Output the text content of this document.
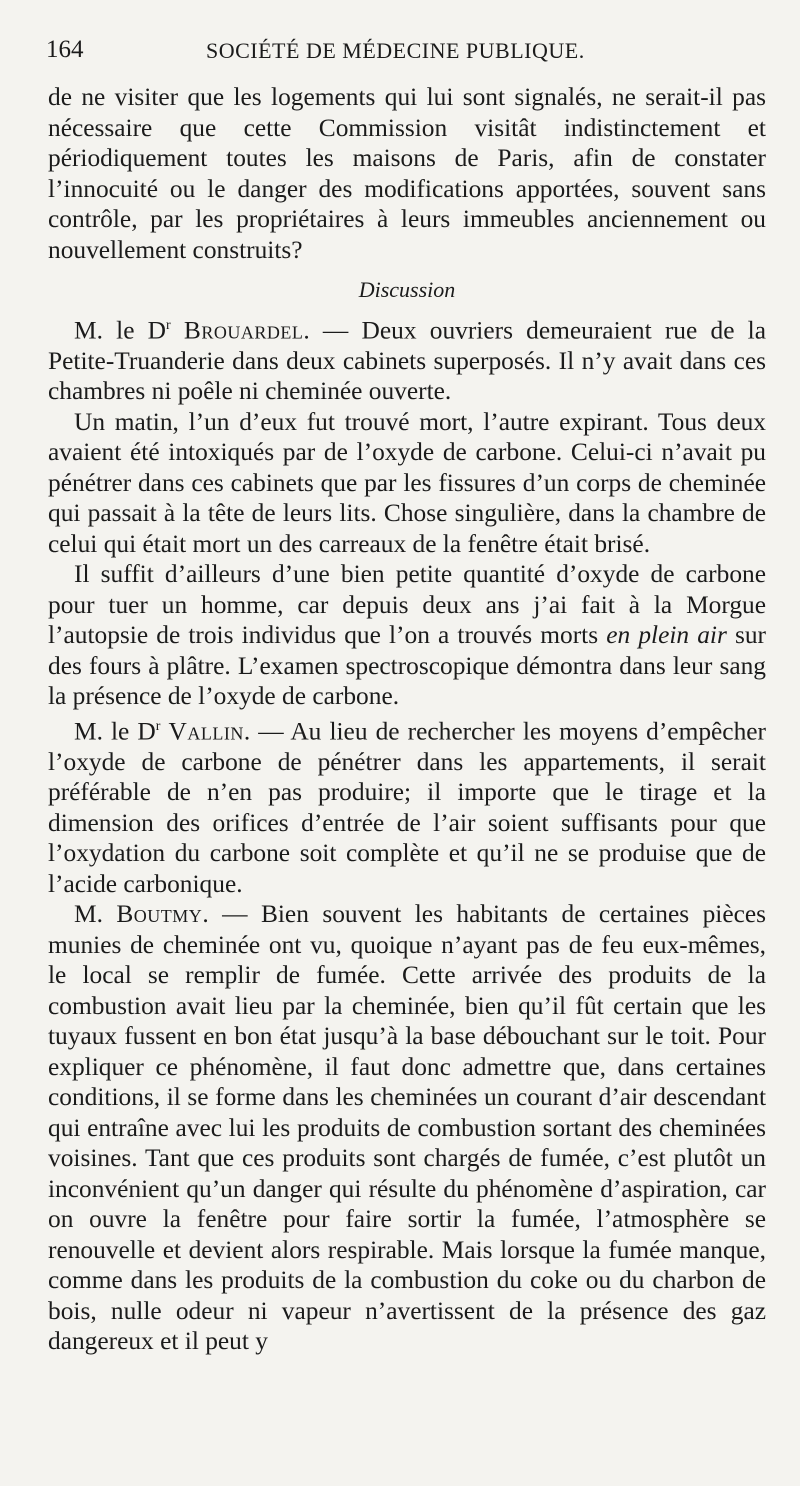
164	SOCIÉTÉ DE MÉDECINE PUBLIQUE.

de ne visiter que les logements qui lui sont signalés, ne serait-il pas nécessaire que cette Commission visitât indistinctement et périodiquement toutes les maisons de Paris, afin de constater l’innocuité ou le danger des modifications apportées, souvent sans contrôle, par les propriétaires à leurs immeubles anciennement ou nouvellement construits?

Discussion

M. le $D^r$ Brouardel. — Deux ouvriers demeuraient rue de la Petite-Truanderie dans deux cabinets superposés. Il n’y avait dans ces chambres ni poêle ni cheminée ouverte.

Un matin, l’un d’eux fut trouvé mort, l’autre expirant. Tous deux avaient été intoxiqués par de l’oxyde de carbone. Celui-ci n’avait pu pénétrer dans ces cabinets que par les fissures d’un corps de cheminée qui passait à la tête de leurs lits. Chose singulière, dans la chambre de celui qui était mort un des carreaux de la fenêtre était brisé.

Il suffit d’ailleurs d’une bien petite quantité d’oxyde de carbone pour tuer un homme, car depuis deux ans j’ai fait à la Morgue l’autopsie de trois individus que l’on a trouvés morts en plein air sur des fours à plâtre. L’examen spectroscopique démontra dans leur sang la présence de l’oxyde de carbone.

M. le $D^r$ Vallin. — Au lieu de rechercher les moyens d’empêcher l’oxyde de carbone de pénétrer dans les appartements, il serait préférable de n’en pas produire; il importe que le tirage et la dimension des orifices d’entrée de l’air soient suffisants pour que l’oxydation du carbone soit complète et qu’il ne se produise que de l’acide carbonique.

M. Boutmy. — Bien souvent les habitants de certaines pièces munies de cheminée ont vu, quoique n’ayant pas de feu eux-mêmes, le local se remplir de fumée. Cette arrivée des produits de la combustion avait lieu par la cheminée, bien qu’il fût certain que les tuyaux fussent en bon état jusqu’à la base débouchant sur le toit. Pour expliquer ce phénomène, il faut donc admettre que, dans certaines conditions, il se forme dans les cheminées un courant d’air descendant qui entraîne avec lui les produits de combustion sortant des cheminées voisines. Tant que ces produits sont chargés de fumée, c’est plutôt un inconvénient qu’un danger qui résulte du phénomène d’aspiration, car on ouvre la fenêtre pour faire sortir la fumée, l’atmosphère se renouvelle et devient alors respirable. Mais lorsque la fumée manque, comme dans les produits de la combustion du coke ou du charbon de bois, nulle odeur ni vapeur n’avertissent de la présence des gaz dangereux et il peut y
